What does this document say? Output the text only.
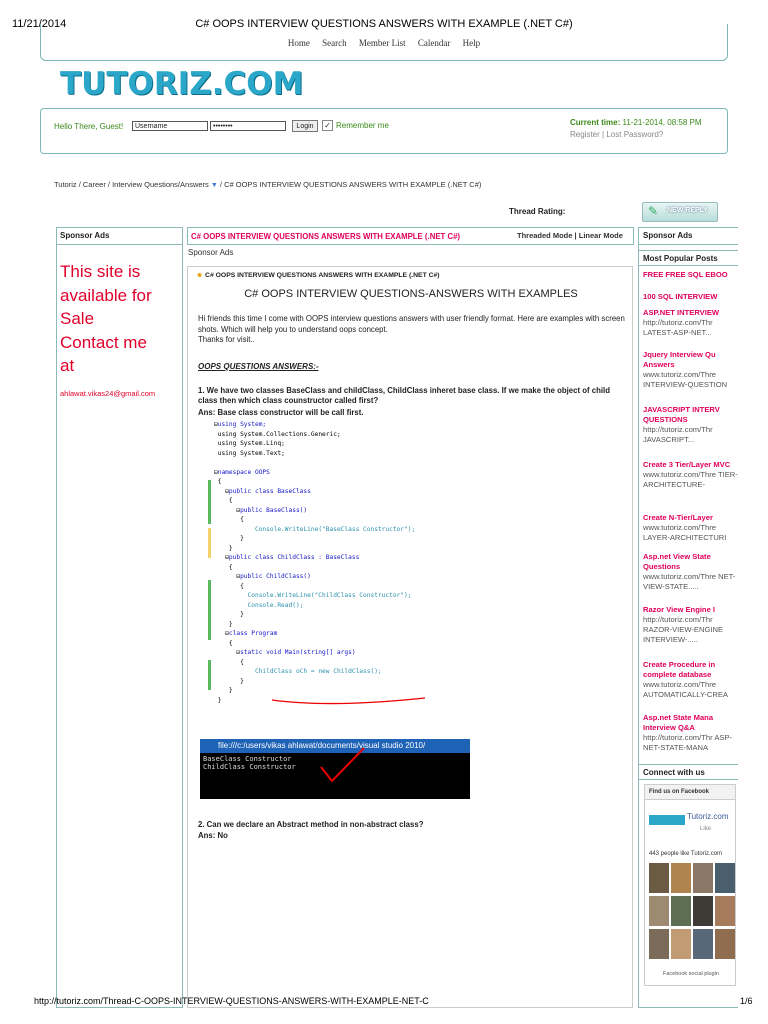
11/21/2014	C# OOPS INTERVIEW QUESTIONS ANSWERS WITH EXAMPLE (.NET C#)
Home Search Member List Calendar Help
TUTORIZ.COM
Hello There, Guest!	Username	••••••••	Login	✓ Remember me	Current time: 11-21-2014, 08:58 PM
Register | Lost Password?
Tutoriz / Career / Interview Questions/Answers ▼ / C# OOPS INTERVIEW QUESTIONS ANSWERS WITH EXAMPLE (.NET C#)
Thread Rating:	✎ NEW REPLY
Sponsor Ads
This site is
available for
Sale
Contact me
at
ahlawat.vikas24@gmail.com
C# OOPS INTERVIEW QUESTIONS ANSWERS WITH EXAMPLE (.NET C#)	Threaded Mode | Linear Mode
Sponsor Ads
☻ C# OOPS INTERVIEW QUESTIONS ANSWERS WITH EXAMPLE (.NET C#)
C# OOPS INTERVIEW QUESTIONS-ANSWERS WITH EXAMPLES
Hi friends this time I come with OOPS interview questions answers with user friendly format. Here are examples with screen shots. Which will help you to understand oops concept.
Thanks for visit..
OOPS QUESTIONS ANSWERS:-
1. We have two classes BaseClass and childClass, ChildClass inheret base class. If we make the object of child class then which class counstructor called first?
Ans: Base class constructor will be call first.
⊟using System;
using System.Collections.Generic;
using System.Linq;
using System.Text;

⊟namespace OOPS
{
⊟public class BaseClass
{
⊟public BaseClass()
{
Console.WriteLine("BaseClass Constructor");
}
}
⊟public class ChildClass : BaseClass
{
⊟public ChildClass()
{
Console.WriteLine("ChildClass Constructor");
Console.Read();
}
}
⊟class Program
{
⊟static void Main(string[] args)
{
ChildClass oCh = new ChildClass();
}
}
}
file:///c:/users/vikas ahlawat/documents/visual studio 2010/
BaseClass Constructor
ChildClass Constructor
2. Can we declare an Abstract method in non-abstract class?
Ans: No
Sponsor Ads
Most Popular Posts
FREE FREE SQL EBOO
100 SQL INTERVIEW
ASP.NET INTERVIEW
http://tutoriz.com/Thr LATEST-ASP-NET...
Jquery Interview Qu Answers
www.tutoriz.com/Thre INTERVIEW-QUESTION
JAVASCRIPT INTERV QUESTIONS
http://tutoriz.com/Thr JAVASCRIPT...
Create 3 Tier/Layer MVC
www.tutoriz.com/Thre TIER-ARCHITECTURE-
Create N-Tier/Layer
www.tutoriz.com/Thre LAYER-ARCHITECTURI
Asp.net View State Questions
www.tutoriz.com/Thre NET-VIEW-STATE.....
Razor View Engine I
http://tutoriz.com/Thr RAZOR-VIEW-ENGINE INTERVIEW-.....
Create Procedure in complete database
www.tutoriz.com/Thre AUTOMATICALLY-CREA
Asp.net State Mana Interview Q&A
http://tutoriz.com/Thr ASP-NET-STATE-MANA
Connect with us
Find us on Facebook
Tutoriz.com
Like
443 people like Tutoriz.com
Facebook social plugin
http://tutoriz.com/Thread-C-OOPS-INTERVIEW-QUESTIONS-ANSWERS-WITH-EXAMPLE-NET-C	1/6
